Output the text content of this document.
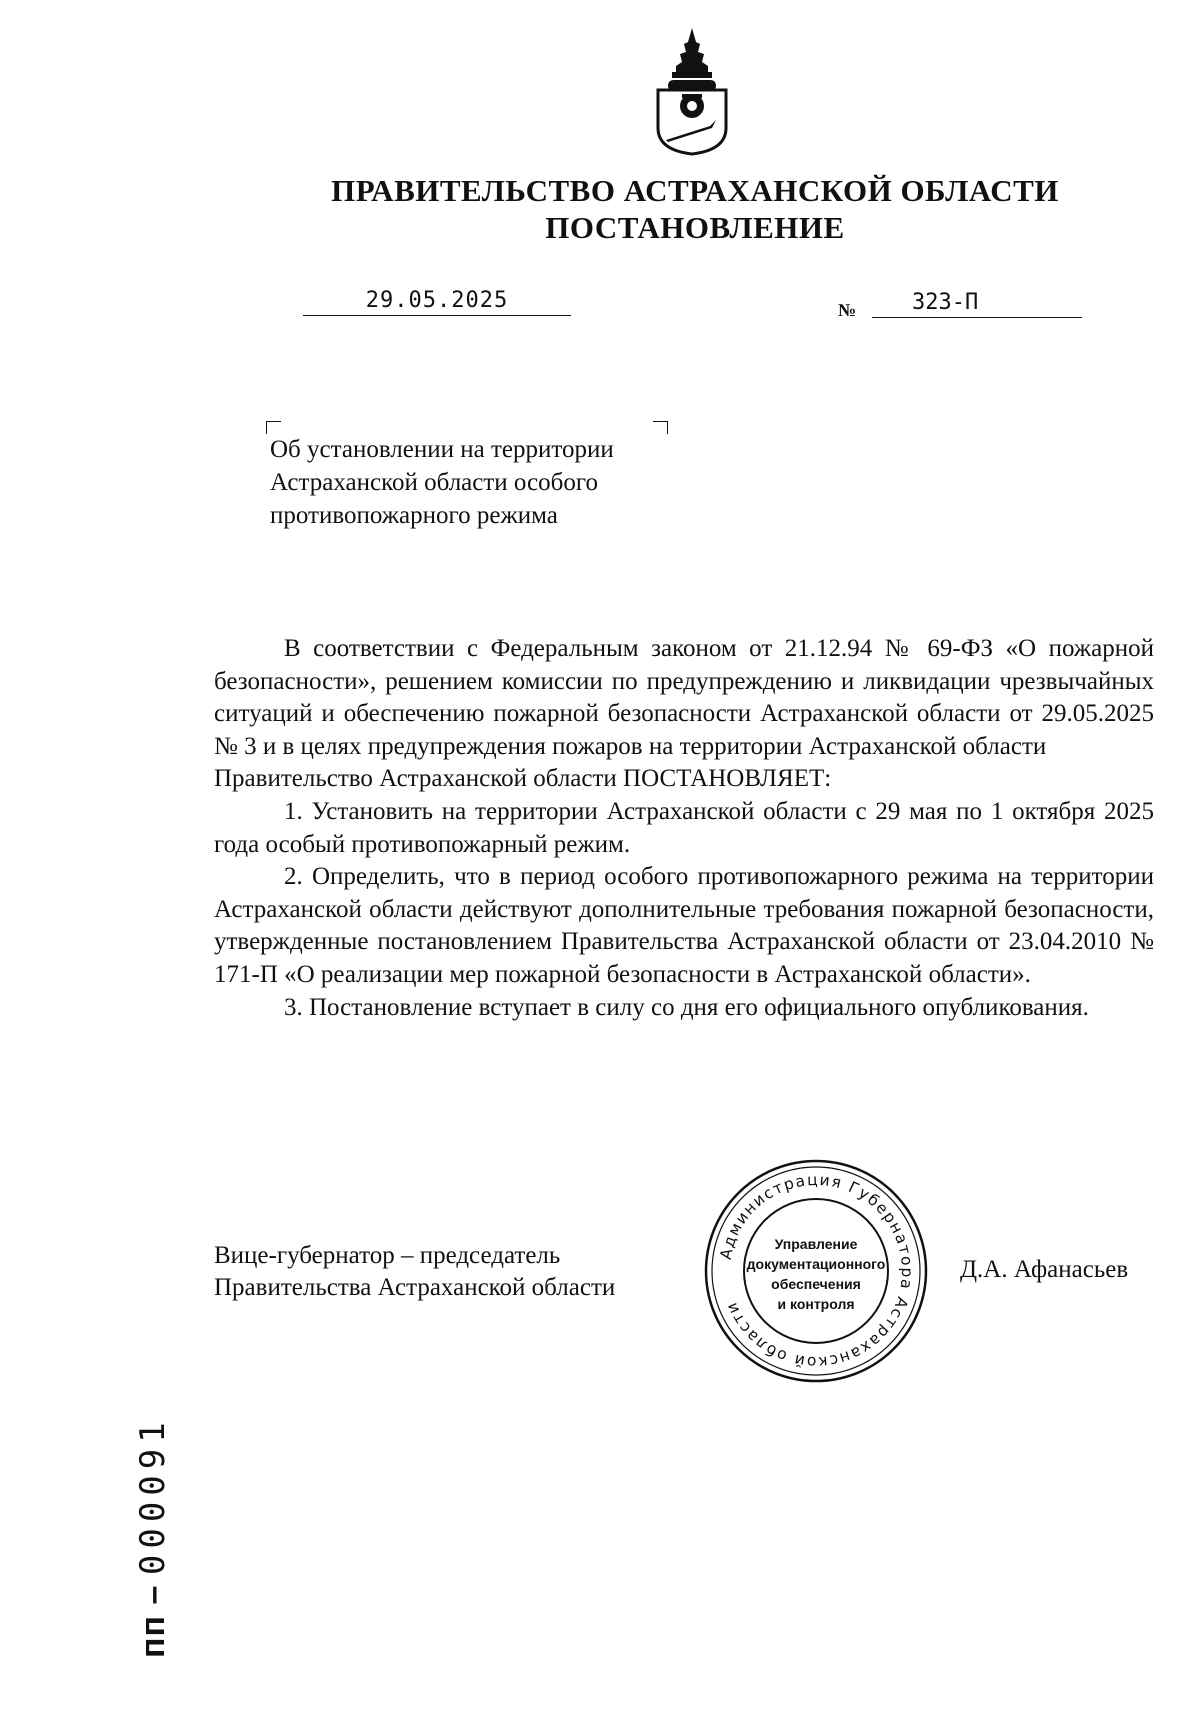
ПРАВИТЕЛЬСТВО АСТРАХАНСКОЙ ОБЛАСТИ
ПОСТАНОВЛЕНИЕ
29.05.2025	№	323-П
Об установлении на территории
Астраханской области особого
противопожарного режима

В соответствии с Федеральным законом от 21.12.94 № 69-ФЗ «О пожарной безопасности», решением комиссии по предупреждению и ликвидации чрезвычайных ситуаций и обеспечению пожарной безопасности Астраханской области от 29.05.2025 № 3 и в целях предупреждения пожаров на территории Астраханской области

Правительство Астраханской области ПОСТАНОВЛЯЕТ:

1. Установить на территории Астраханской области с 29 мая по 1 октября 2025 года особый противопожарный режим.

2. Определить, что в период особого противопожарного режима на территории Астраханской области действуют дополнительные требования пожарной безопасности, утвержденные постановлением Правительства Астраханской области от 23.04.2010 № 171-П «О реализации мер пожарной безопасности в Астраханской области».

3. Постановление вступает в силу со дня его официального опубликования.

Вице-губернатор – председатель
Правительства Астраханской области
Д.А. Афанасьев
Администрация Губернатора Астраханской области
Управление
документационного
обеспечения
и контроля
пп – 000091
